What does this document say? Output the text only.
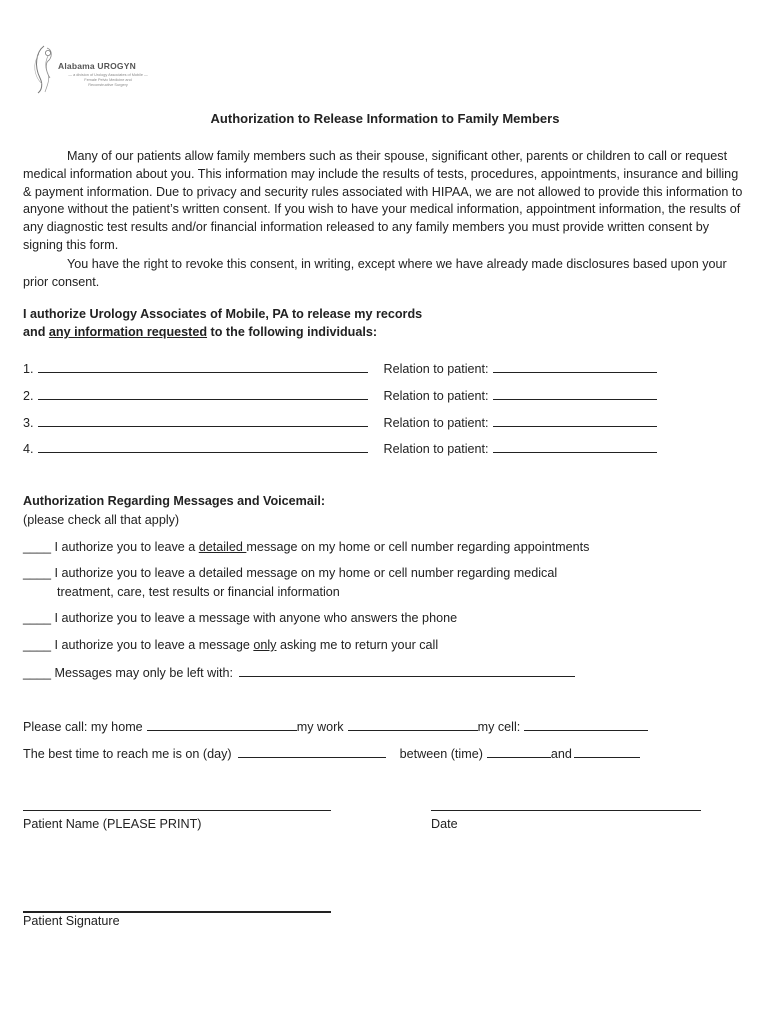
Alabama UROGYN
— a division of Urology Associates of Mobile —
Female Pelvic Medicine and
Reconstructive Surgery
Authorization to Release Information to Family Members
Many of our patients allow family members such as their spouse, significant other, parents or children to call or request medical information about you. This information may include the results of tests, procedures, appointments, insurance and billing & payment information. Due to privacy and security rules associated with HIPAA, we are not allowed to provide this information to anyone without the patient’s written consent. If you wish to have your medical information, appointment information, the results of any diagnostic test results and/or financial information released to any family members you must provide written consent by signing this form.
You have the right to revoke this consent, in writing, except where we have already made disclosures based upon your prior consent.
I authorize Urology Associates of Mobile, PA to release my records
and any information requested to the following individuals:
1.	Relation to patient:
2.	Relation to patient:
3.	Relation to patient:
4.	Relation to patient:
Authorization Regarding Messages and Voicemail:
(please check all that apply)
____ I authorize you to leave a detailed message on my home or cell number regarding appointments
____ I authorize you to leave a detailed message on my home or cell number regarding medical
treatment, care, test results or financial information
____ I authorize you to leave a message with anyone who answers the phone
____ I authorize you to leave a message only asking me to return your call
____ Messages may only be left with:
Please call: my home	my work	my cell:
The best time to reach me is on (day)	between (time)	and
Patient Name (PLEASE PRINT)	Date
Patient Signature
